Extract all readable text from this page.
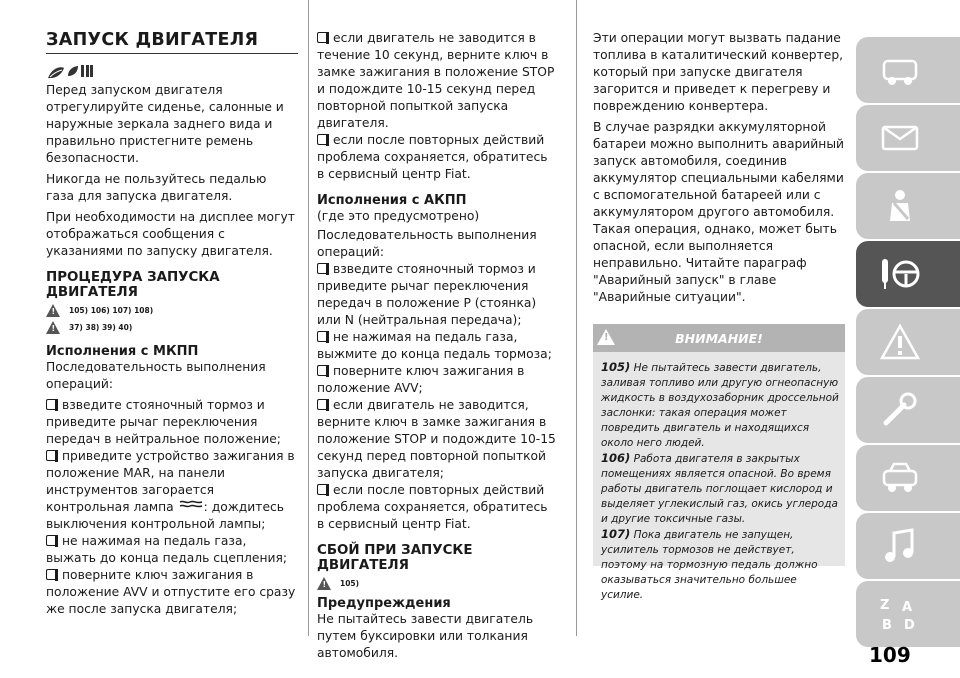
ЗАПУСК ДВИГАТЕЛЯ

Перед запуском двигателя отрегулируйте сиденье, салонные и наружные зеркала заднего вида и правильно пристегните ремень безопасности.

Никогда не пользуйтесь педалью газа для запуска двигателя.

При необходимости на дисплее могут отображаться сообщения с указаниями по запуску двигателя.

ПРОЦЕДУРА ЗАПУСКА ДВИГАТЕЛЯ
! 105) 106) 107) 108)
! 37) 38) 39) 40)
Исполнения с МКПП

Последовательность выполнения операций:

взведите стояночный тормоз и приведите рычаг переключения передач в нейтральное положение;

приведите устройство зажигания в положение MAR, на панели инструментов загорается контрольная лампа : дождитесь выключения контрольной лампы;

не нажимая на педаль газа, выжать до конца педаль сцепления;

поверните ключ зажигания в положение AVV и отпустите его сразу же после запуска двигателя;

если двигатель не заводится в течение 10 секунд, верните ключ в замке зажигания в положение STOP и подождите 10-15 секунд перед повторной попыткой запуска двигателя.

если после повторных действий проблема сохраняется, обратитесь в сервисный центр Fiat.

Исполнения с АКПП

(где это предусмотрено)

Последовательность выполнения операций:

взведите стояночный тормоз и приведите рычаг переключения передач в положение P (стоянка) или N (нейтральная передача);

не нажимая на педаль газа, выжмите до конца педаль тормоза;

поверните ключ зажигания в положение AVV;

если двигатель не заводится, верните ключ в замке зажигания в положение STOP и подождите 10-15 секунд перед повторной попыткой запуска двигателя;

если после повторных действий проблема сохраняется, обратитесь в сервисный центр Fiat.

СБОЙ ПРИ ЗАПУСКЕ ДВИГАТЕЛЯ
! 105)
Предупреждения

Не пытайтесь завести двигатель путем буксировки или толкания автомобиля.

Эти операции могут вызвать падание топлива в каталитический конвертер, который при запуске двигателя загорится и приведет к перегреву и повреждению конвертера.

В случае разрядки аккумуляторной батареи можно выполнить аварийный запуск автомобиля, соединив аккумулятор специальными кабелями с вспомогательной батареей или с аккумулятором другого автомобиля. Такая операция, однако, может быть опасной, если выполняется неправильно. Читайте параграф "Аварийный запуск" в главе "Аварийные ситуации".

!	ВНИМАНИЕ!
105) Не пытайтесь завести двигатель, заливая топливо или другую огнеопасную жидкость в воздухозаборник дроссельной заслонки: такая операция может повредить двигатель и находящихся около него людей.
106) Работа двигателя в закрытых помещениях является опасной. Во время работы двигатель поглощает кислород и выделяет углекислый газ, окись углерода и другие токсичные газы.
107) Пока двигатель не запущен, усилитель тормозов не действует, поэтому на тормозную педаль должно оказываться значительно большее усилие.
Z A
B D
109
